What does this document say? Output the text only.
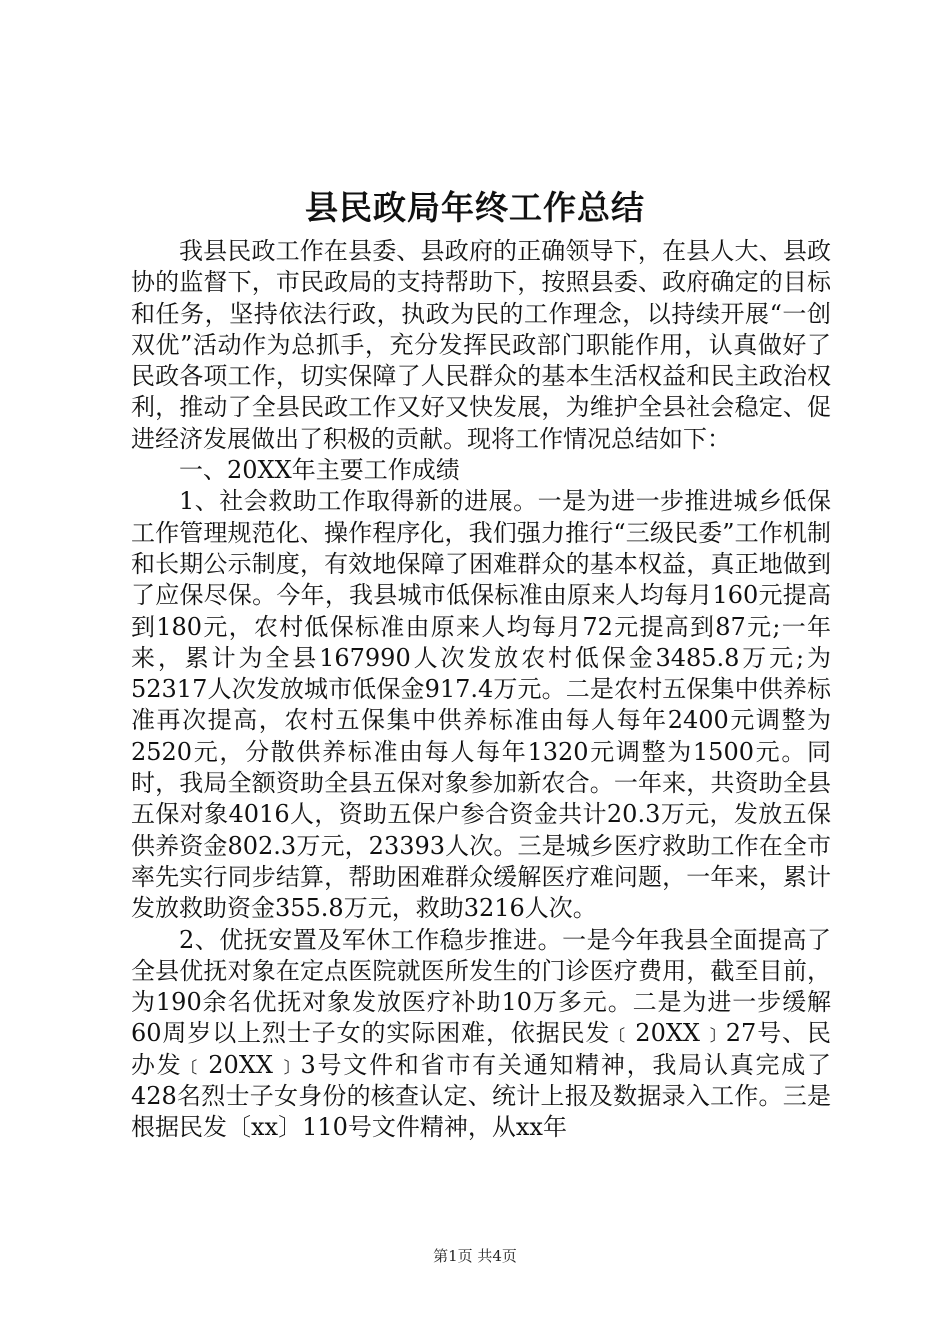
县民政局年终工作总结

我县民政工作在县委、县政府的正确领导下，在县人大、县政协的监督下，市民政局的支持帮助下，按照县委、政府确定的目标和任务，坚持依法行政，执政为民的工作理念，以持续开展“一创双优”活动作为总抓手，充分发挥民政部门职能作用，认真做好了民政各项工作，切实保障了人民群众的基本生活权益和民主政治权利，推动了全县民政工作又好又快发展，为维护全县社会稳定、促进经济发展做出了积极的贡献。现将工作情况总结如下：

一、20XX年主要工作成绩

1、社会救助工作取得新的进展。一是为进一步推进城乡低保工作管理规范化、操作程序化，我们强力推行“三级民委”工作机制和长期公示制度，有效地保障了困难群众的基本权益，真正地做到了应保尽保。今年，我县城市低保标准由原来人均每月160元提高到180元，农村低保标准由原来人均每月72元提高到87元;一年来，累计为全县167990人次发放农村低保金3485.8万元;为52317人次发放城市低保金917.4万元。二是农村五保集中供养标准再次提高，农村五保集中供养标准由每人每年2400元调整为2520元，分散供养标准由每人每年1320元调整为1500元。同时，我局全额资助全县五保对象参加新农合。一年来，共资助全县五保对象4016人，资助五保户参合资金共计20.3万元，发放五保供养资金802.3万元，23393人次。三是城乡医疗救助工作在全市率先实行同步结算，帮助困难群众缓解医疗难问题，一年来，累计发放救助资金355.8万元，救助3216人次。

2、优抚安置及军休工作稳步推进。一是今年我县全面提高了全县优抚对象在定点医院就医所发生的门诊医疗费用，截至目前，为190余名优抚对象发放医疗补助10万多元。二是为进一步缓解60周岁以上烈士子女的实际困难，依据民发﹝20XX﹞27号、民办发﹝20XX﹞3号文件和省市有关通知精神，我局认真完成了428名烈士子女身份的核查认定、统计上报及数据录入工作。三是根据民发〔xx〕110号文件精神，从xx年

第1页 共4页
